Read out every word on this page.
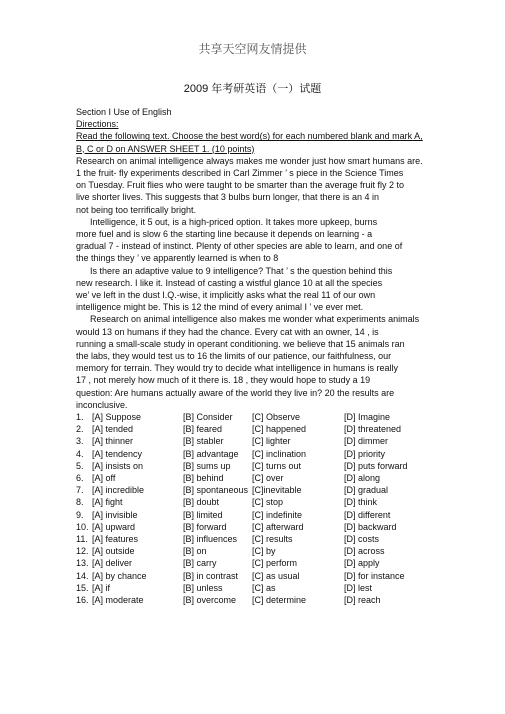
共享天空网友情提供
2009 年考研英语（一）试题
Section I Use of English
Directions:
Read the following text. Choose the best word(s) for each numbered blank and mark A,
B, C or D on ANSWER SHEET 1. (10 points)
Research on animal intelligence always makes me wonder just how smart humans are.
1 the fruit- fly experiments described in Carl Zimmer ’ s piece in the Science Times
on Tuesday. Fruit flies who were taught to be smarter than the average fruit fly 2 to
live shorter lives. This suggests that 3 bulbs burn longer, that there is an 4 in
not being too terrifically bright.
Intelligence, it 5 out, is a high-priced option. It takes more upkeep, burns
more fuel and is slow 6 the starting line because it depends on learning - a
gradual 7 - instead of instinct. Plenty of other species are able to learn, and one of
the things they ’ ve apparently learned is when to 8
Is there an adaptive value to 9 intelligence? That ’ s the question behind this
new research. I like it. Instead of casting a wistful glance 10 at all the species
we’ ve left in the dust I.Q.-wise, it implicitly asks what the real 11 of our own
intelligence might be. This is 12 the mind of every animal I ’ ve ever met.
Research on animal intelligence also makes me wonder what experiments animals
would 13 on humans if they had the chance. Every cat with an owner, 14 , is
running a small-scale study in operant conditioning. we believe that 15 animals ran
the labs, they would test us to 16 the limits of our patience, our faithfulness, our
memory for terrain. They would try to decide what intelligence in humans is really
17 , not merely how much of it there is. 18 , they would hope to study a 19
question: Are humans actually aware of the world they live in? 20 the results are
inconclusive.
1. [A] Suppose	[B] Consider [C] Observe	[D] Imagine
2. [A] tended	[B] feared	[C] happened	[D] threatened
3. [A] thinner	[B] stabler	[C] lighter	[D] dimmer
4. [A] tendency	[B] advantage [C] inclination	[D] priority
5. [A] insists on	[B] sums up [C] turns out	[D] puts forward
6. [A] off	[B] behind	[C] over	[D] along
7. [A] incredible	[B] spontaneous [C]inevitable	[D] gradual
8. [A] fight	[B] doubt	[C] stop	[D] think
9. [A] invisible	[B] limited	[C] indefinite	[D] different
10. [A] upward	[B] forward	[C] afterward	[D] backward
11. [A] features	[B] influences [C] results	[D] costs
12. [A] outside	[B] on	[C] by	[D] across
13. [A] deliver	[B] carry	[C] perform	[D] apply
14. [A] by chance	[B] in contrast [C] as usual	[D] for instance
15. [A] if	[B] unless	[C] as	[D] lest
16. [A] moderate	[B] overcome [C] determine	[D] reach
